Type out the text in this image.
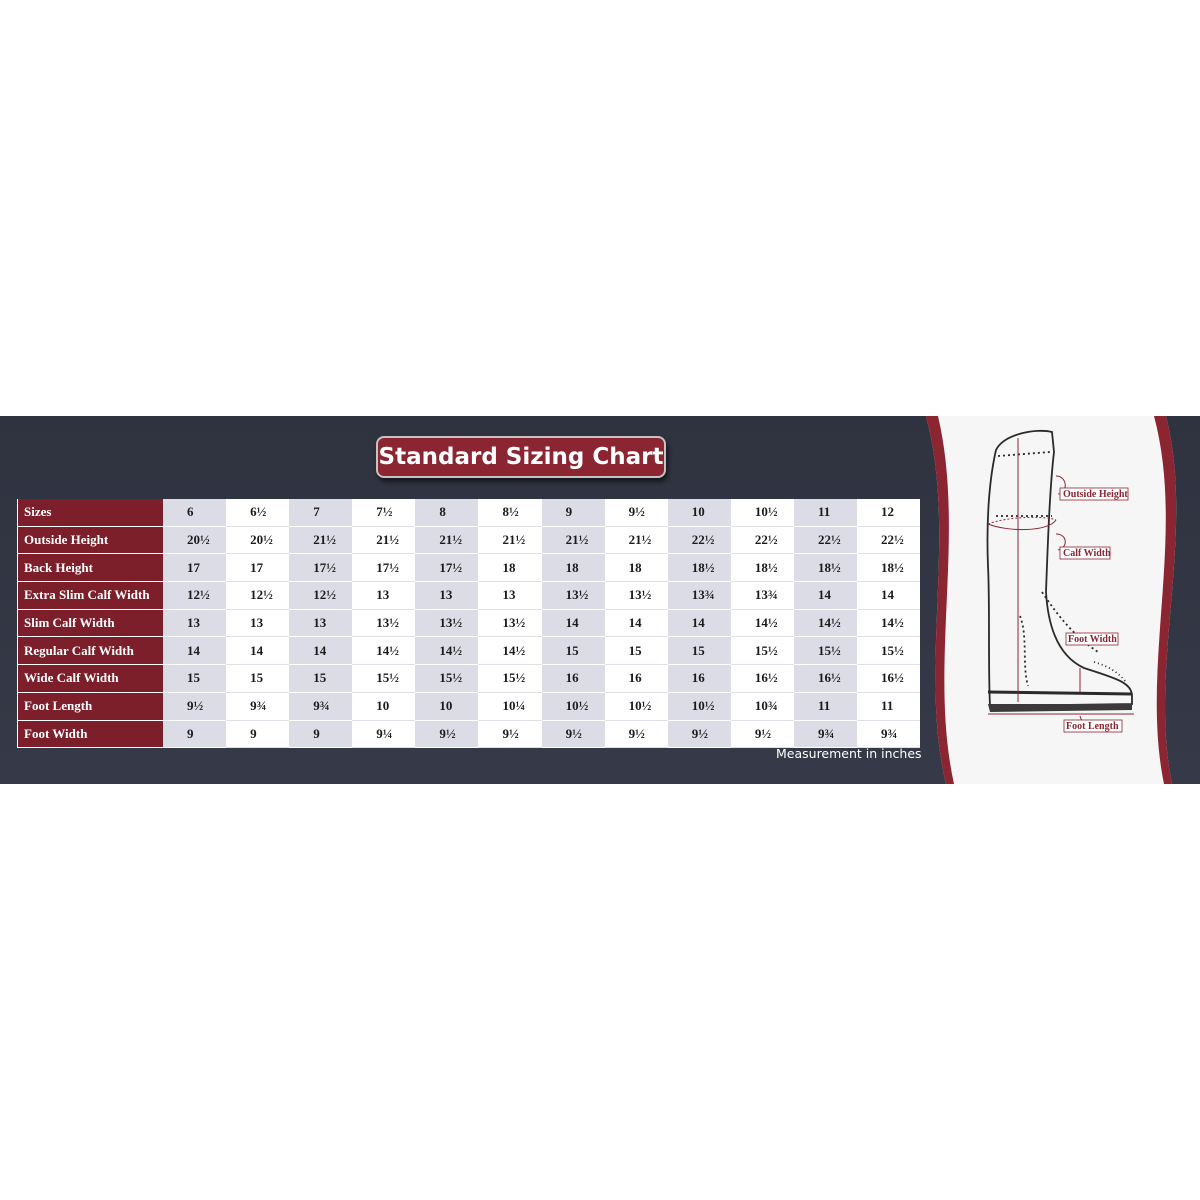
Standard Sizing Chart
Sizes	6	6½	7	7½	8	8½	9	9½	10	10½	11	12
Outside Height	20½	20½	21½	21½	21½	21½	21½	21½	22½	22½	22½	22½
Back Height	17	17	17½	17½	17½	18	18	18	18½	18½	18½	18½
Extra Slim Calf Width	12½	12½	12½	13	13	13	13½	13½	13¾	13¾	14	14
Slim Calf Width	13	13	13	13½	13½	13½	14	14	14	14½	14½	14½
Regular Calf Width	14	14	14	14½	14½	14½	15	15	15	15½	15½	15½
Wide Calf Width	15	15	15	15½	15½	15½	16	16	16	16½	16½	16½
Foot Length	9½	9¾	9¾	10	10	10¼	10½	10½	10½	10¾	11	11
Foot Width	9	9	9	9¼	9½	9½	9½	9½	9½	9½	9¾	9¾
Measurement in inches
Outside Height
Calf Width
Foot Width
Foot Length
